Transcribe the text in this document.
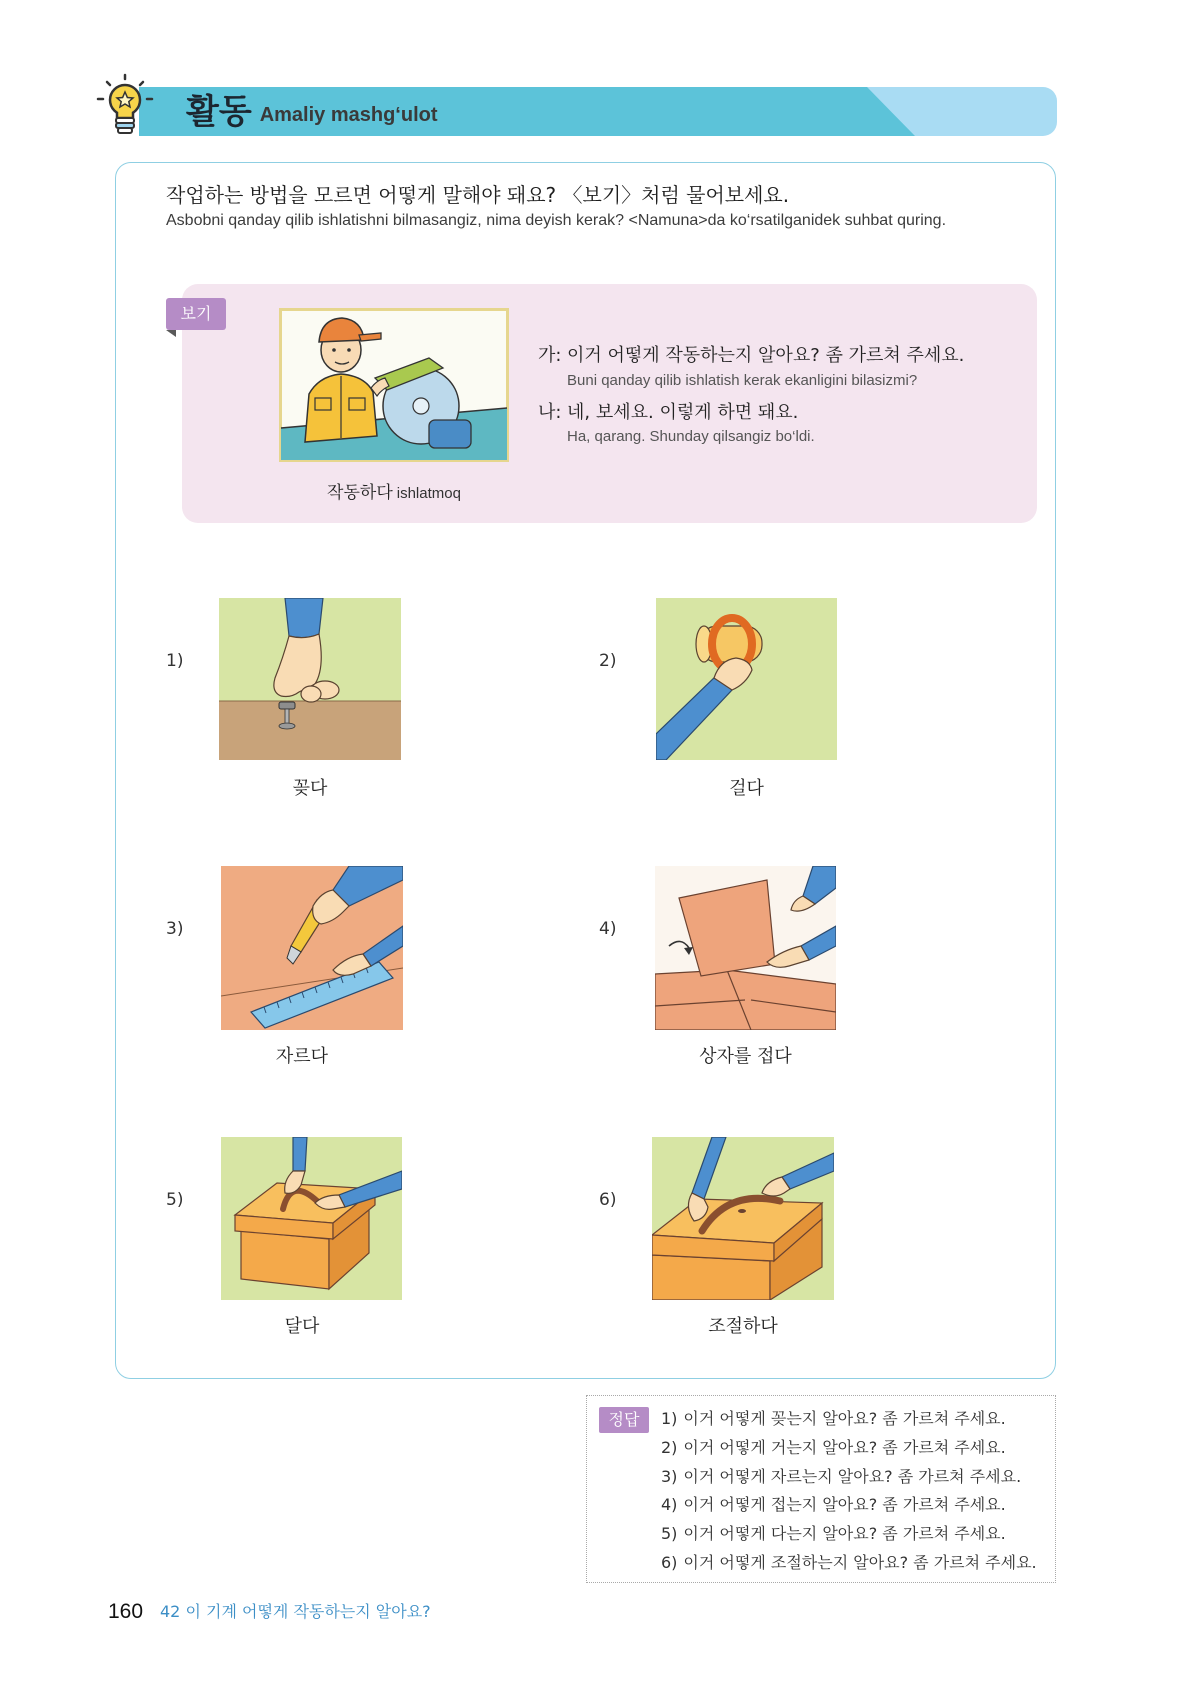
활동 Amaliy mashg‘ulot
작업하는 방법을 모르면 어떻게 말해야 돼요? 〈보기〉처럼 물어보세요.
Asbobni qanday qilib ishlatishni bilmasangiz, nima deyish kerak? <Namuna>da ko‘rsatilganidek suhbat quring.
보기
작동하다 ishlatmoq
가: 이거 어떻게 작동하는지 알아요? 좀 가르쳐 주세요.
Buni qanday qilib ishlatish kerak ekanligini bilasizmi?
나: 네, 보세요. 이렇게 하면 돼요.
Ha, qarang. Shunday qilsangiz bo‘ldi.
1)
꽂다
2)
걸다
3)
자르다
4)
상자를 접다
5)
달다
6)
조절하다
정답	1) 이거 어떻게 꽂는지 알아요? 좀 가르쳐 주세요.
2) 이거 어떻게 거는지 알아요? 좀 가르쳐 주세요.
3) 이거 어떻게 자르는지 알아요? 좀 가르쳐 주세요.
4) 이거 어떻게 접는지 알아요? 좀 가르쳐 주세요.
5) 이거 어떻게 다는지 알아요? 좀 가르쳐 주세요.
6) 이거 어떻게 조절하는지 알아요? 좀 가르쳐 주세요.
160 42 이 기계 어떻게 작동하는지 알아요?
